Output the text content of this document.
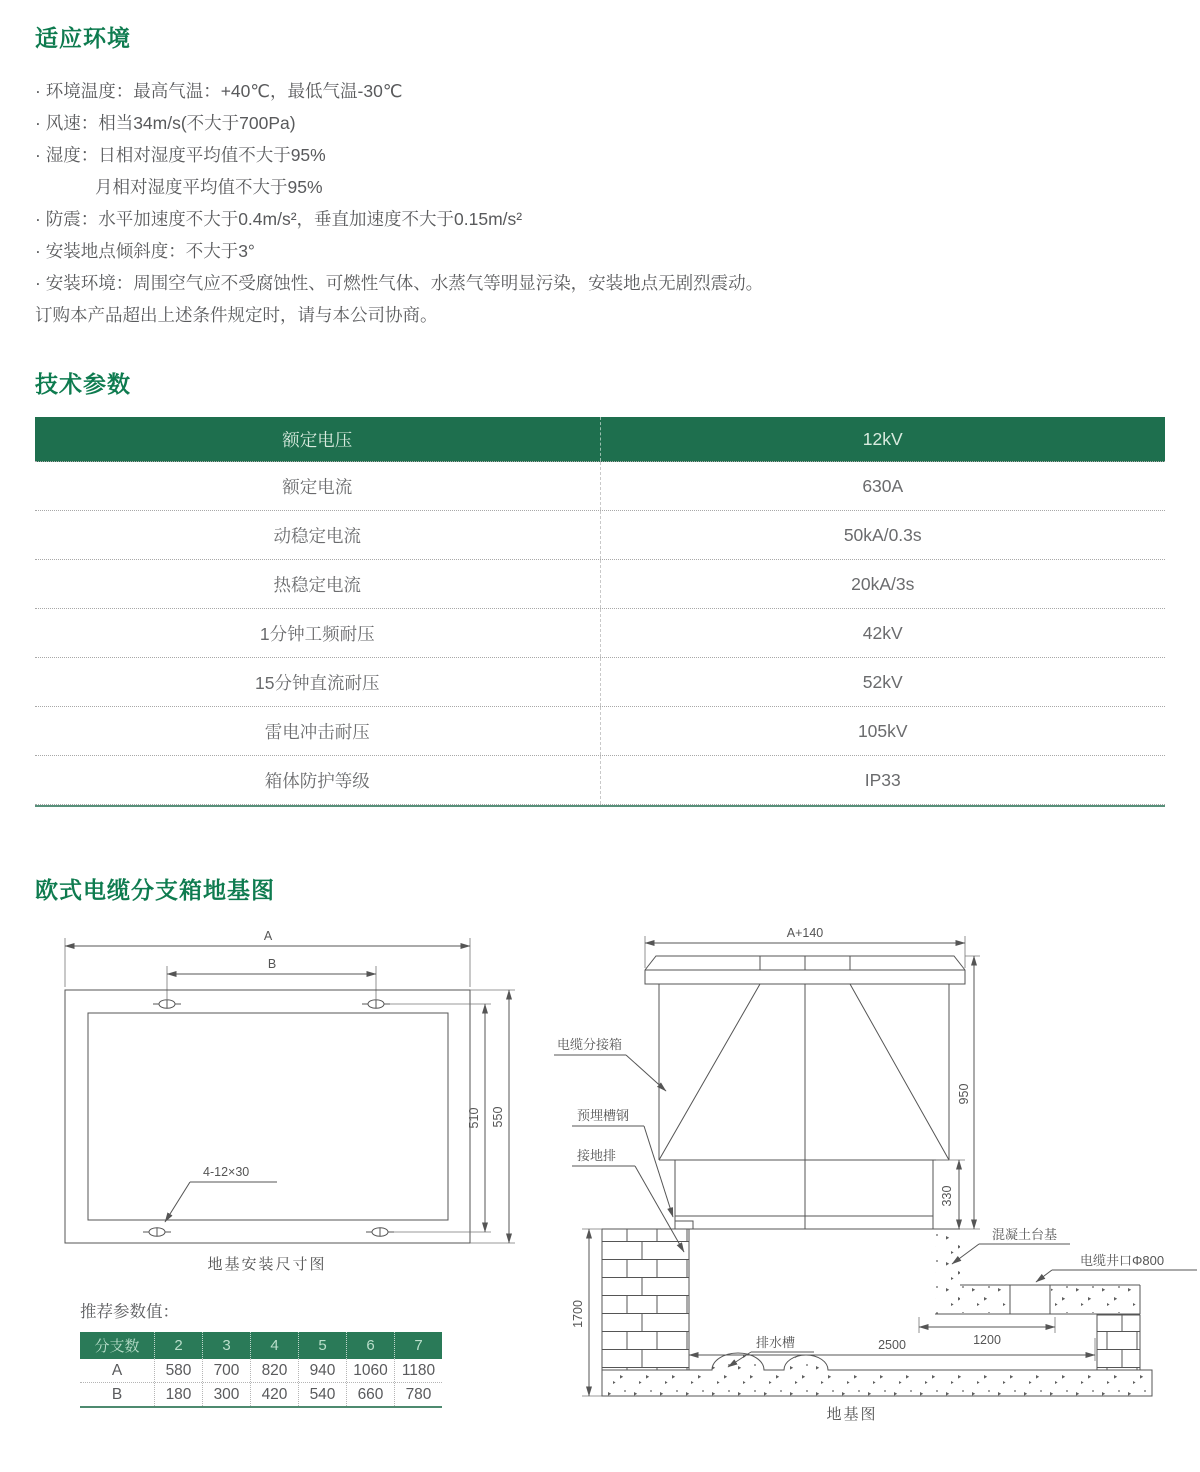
适应环境
· 环境温度：最高气温：+40℃，最低气温-30℃
· 风速：相当34m/s(不大于700Pa)
· 湿度：日相对湿度平均值不大于95%
月相对湿度平均值不大于95%
· 防震：水平加速度不大于0.4m/s²，垂直加速度不大于0.15m/s²
· 安装地点倾斜度：不大于3°
· 安装环境：周围空气应不受腐蚀性、可燃性气体、水蒸气等明显污染，安装地点无剧烈震动。
订购本产品超出上述条件规定时，请与本公司协商。
技术参数
额定电压	12kV
额定电流	630A
动稳定电流	50kA/0.3s
热稳定电流	20kA/3s
1分钟工频耐压	42kV
15分钟直流耐压	52kV
雷电冲击耐压	105kV
箱体防护等级	IP33
欧式电缆分支箱地基图
A
B
510 550
4-12×30
地基安装尺寸图
A+140
330
950
1700
1200
2500
排水槽
电缆分接箱
预埋槽钢
接地排
混凝土台基
电缆井口Φ800
地基图
推荐参数值：
分支数	2	3	4	5	6	7
A	580	700	820	940	1060 1180
B	180	300	420	540	660	780
